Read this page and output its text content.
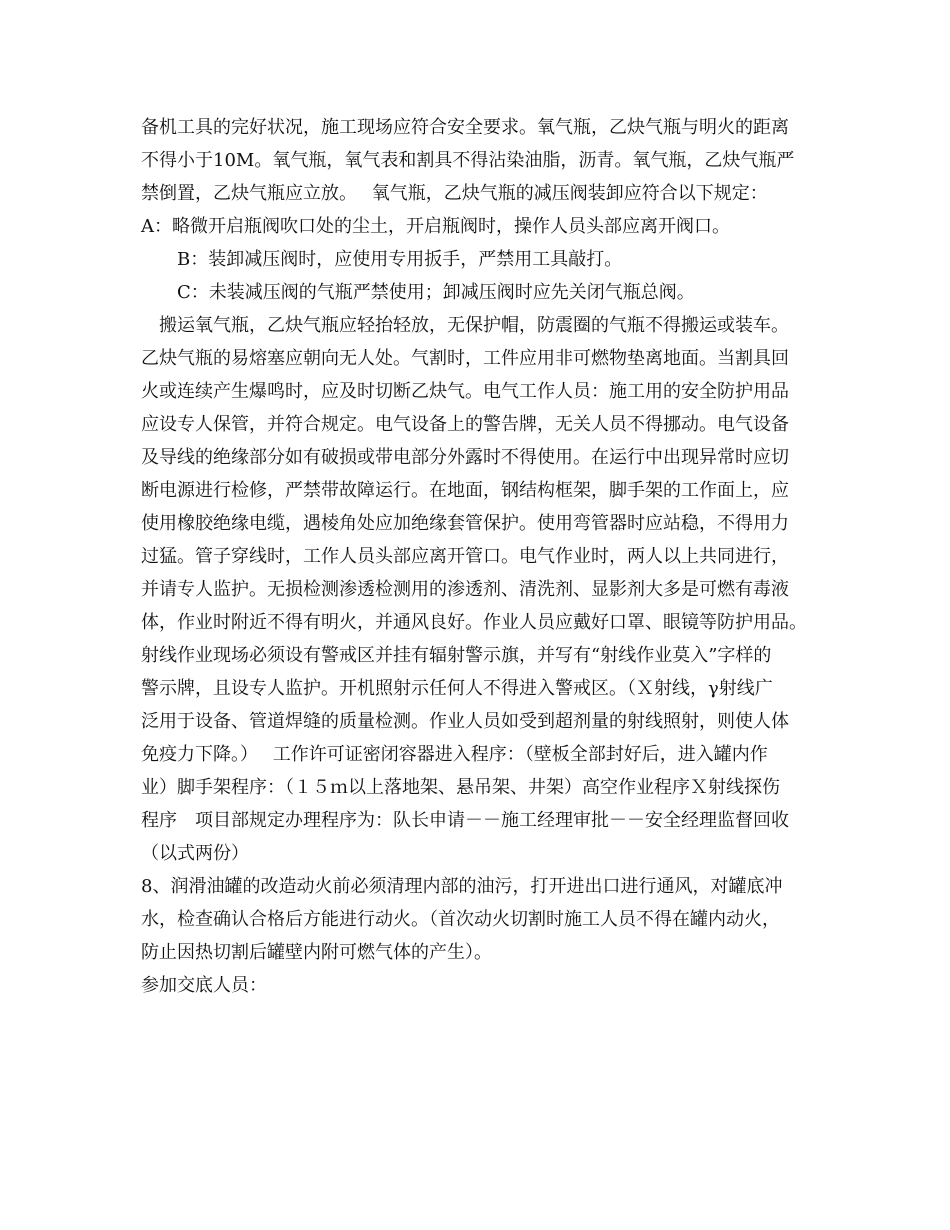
备机工具的完好状况，施工现场应符合安全要求。氧气瓶，乙炔气瓶与明火的距离
不得小于10M。氧气瓶，氧气表和割具不得沾染油脂，沥青。氧气瓶，乙炔气瓶严
禁倒置，乙炔气瓶应立放。　 氧气瓶，乙炔气瓶的减压阀装卸应符合以下规定：
A：略微开启瓶阀吹口处的尘土，开启瓶阀时，操作人员头部应离开阀口。
　　B：装卸减压阀时，应使用专用扳手，严禁用工具敲打。
　　C：未装减压阀的气瓶严禁使用；卸减压阀时应先关闭气瓶总阀。
　搬运氧气瓶，乙炔气瓶应轻抬轻放，无保护帽，防震圈的气瓶不得搬运或装车。
乙炔气瓶的易熔塞应朝向无人处。气割时，工件应用非可燃物垫离地面。当割具回
火或连续产生爆鸣时，应及时切断乙炔气。电气工作人员：施工用的安全防护用品
应设专人保管，并符合规定。电气设备上的警告牌，无关人员不得挪动。电气设备
及导线的绝缘部分如有破损或带电部分外露时不得使用。在运行中出现异常时应切
断电源进行检修，严禁带故障运行。在地面，钢结构框架，脚手架的工作面上，应
使用橡胶绝缘电缆，遇棱角处应加绝缘套管保护。使用弯管器时应站稳，不得用力
过猛。管子穿线时，工作人员头部应离开管口。电气作业时，两人以上共同进行，
并请专人监护。无损检测渗透检测用的渗透剂、清洗剂、显影剂大多是可燃有毒液
体，作业时附近不得有明火，并通风良好。作业人员应戴好口罩、眼镜等防护用品。
射线作业现场必须设有警戒区并挂有辐射警示旗，并写有“射线作业莫入”字样的
警示牌，且设专人监护。开机照射示任何人不得进入警戒区。（Ｘ射线，γ射线广
泛用于设备、管道焊缝的质量检测。作业人员如受到超剂量的射线照射，则使人体
免疫力下降。）　 工作许可证密闭容器进入程序：（壁板全部封好后，进入罐内作
业）脚手架程序：（１５ｍ以上落地架、悬吊架、井架）高空作业程序Ｘ射线探伤
程序　项目部规定办理程序为：队长申请－－施工经理审批－－安全经理监督回收
（以式两份）
8、润滑油罐的改造动火前必须清理内部的油污，打开进出口进行通风，对罐底冲
水，检查确认合格后方能进行动火。（首次动火切割时施工人员不得在罐内动火，
防止因热切割后罐壁内附可燃气体的产生）。
参加交底人员：
